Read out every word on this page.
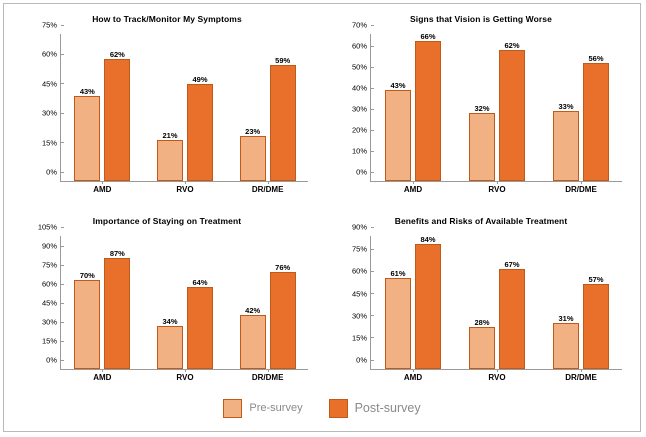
How to Track/Monitor My Symptoms
0%
15%
30%
45%
60%
75%
43%
62%
AMD
21%
49%
RVO
23%
59%
DR/DME
Signs that Vision is Getting Worse
0%
10%
20%
30%
40%
50%
60%
70%
43%
66%
AMD
32%
62%
RVO
33%
56%
DR/DME
Importance of Staying on Treatment
0%
15%
30%
45%
60%
75%
90%
105%
70%
87%
AMD
34%
64%
RVO
42%
76%
DR/DME
Benefits and Risks of Available Treatment
0%
15%
30%
45%
60%
75%
90%
61%
84%
AMD
28%
67%
RVO
31%
57%
DR/DME
Pre-survey	Post-survey
